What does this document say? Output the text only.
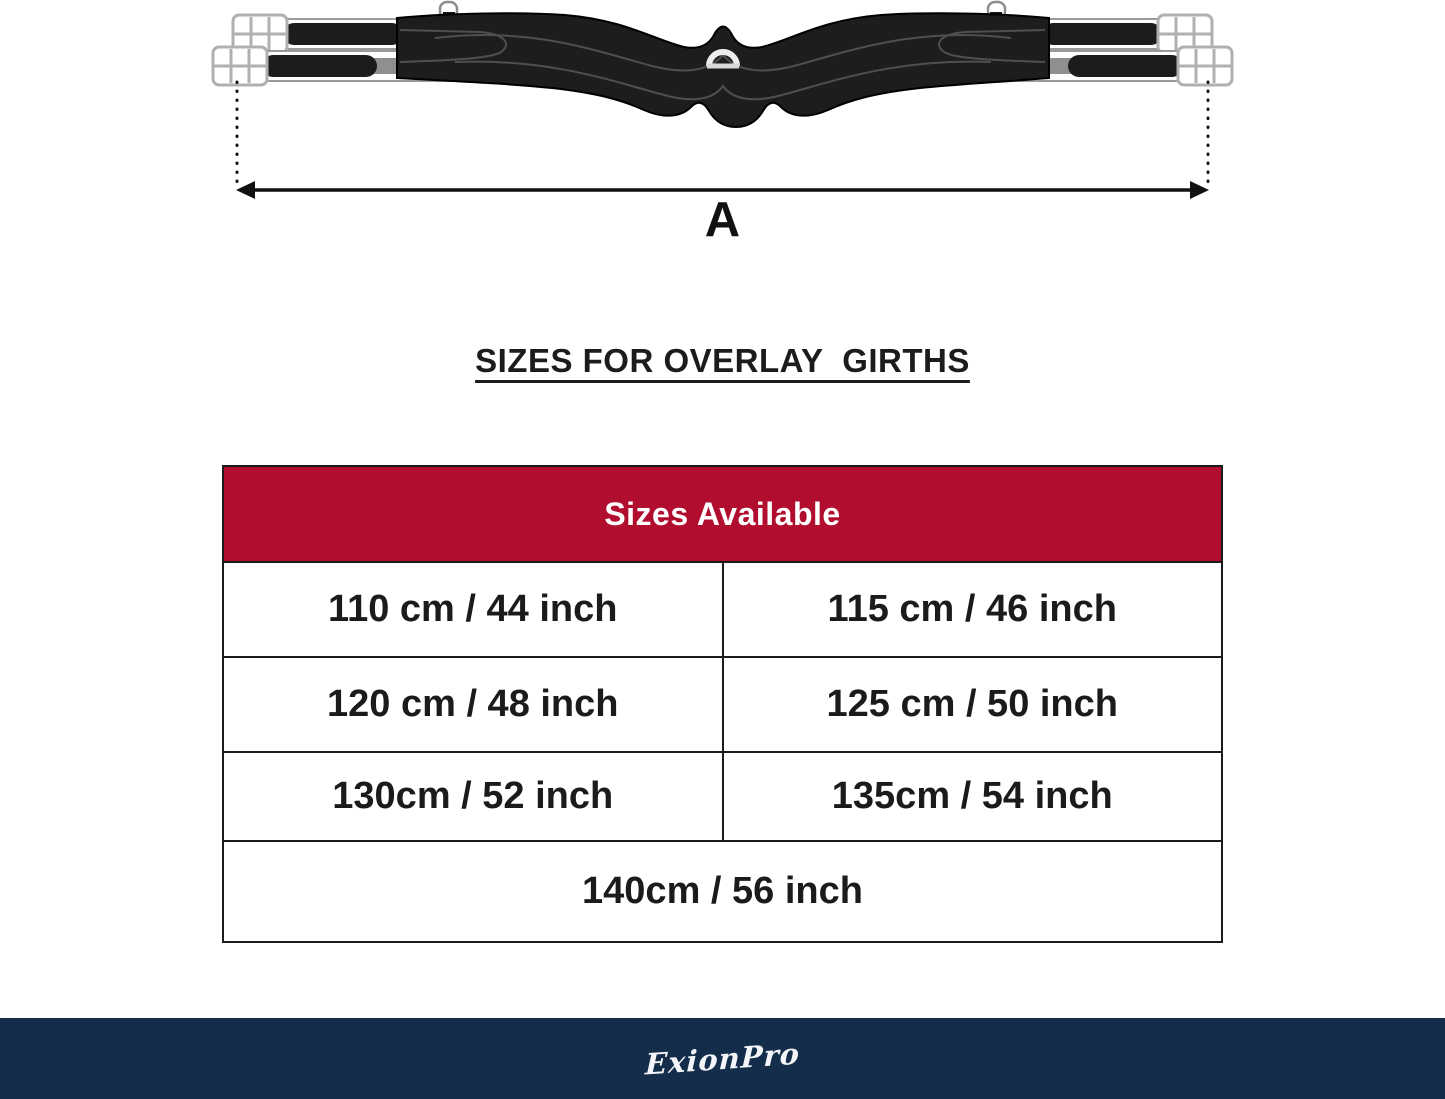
A
SIZES FOR OVERLAY  GIRTHS
Sizes Available	
110 cm / 44 inch	115 cm / 46 inch
120 cm / 48 inch	125 cm / 50 inch
130cm / 52 inch	135cm / 54 inch
140cm / 56 inch	
ExionPro
